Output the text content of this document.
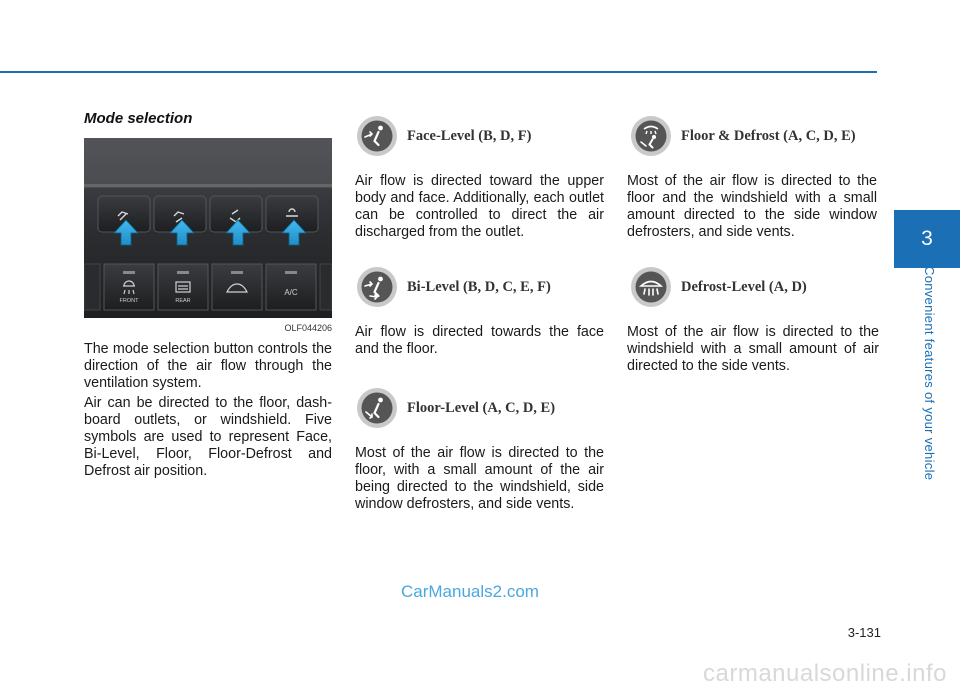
Mode selection
FRONT	REAR
A/C
OLF044206

The mode selection button controls the direction of the air flow through the ventilation system.

Air can be directed to the floor, dash-board outlets, or windshield. Five symbols are used to represent Face, Bi-Level, Floor, Floor-Defrost and Defrost air position.

Face-Level (B, D, F)

Air flow is directed toward the upper body and face. Additionally, each outlet can be controlled to direct the air discharged from the outlet.

Bi-Level (B, D, C, E, F)

Air flow is directed towards the face and the floor.

Floor-Level (A, C, D, E)

Most of the air flow is directed to the floor, with a small amount of the air being directed to the windshield, side window defrosters, and side vents.

Floor & Defrost (A, C, D, E)

Most of the air flow is directed to the floor and the windshield with a small amount directed to the side window defrosters, and side vents.

Defrost-Level (A, D)

Most of the air flow is directed to the windshield with a small amount of air directed to the side vents.

3
Convenient features of your vehicle
CarManuals2.com
3-131
carmanualsonline.info
